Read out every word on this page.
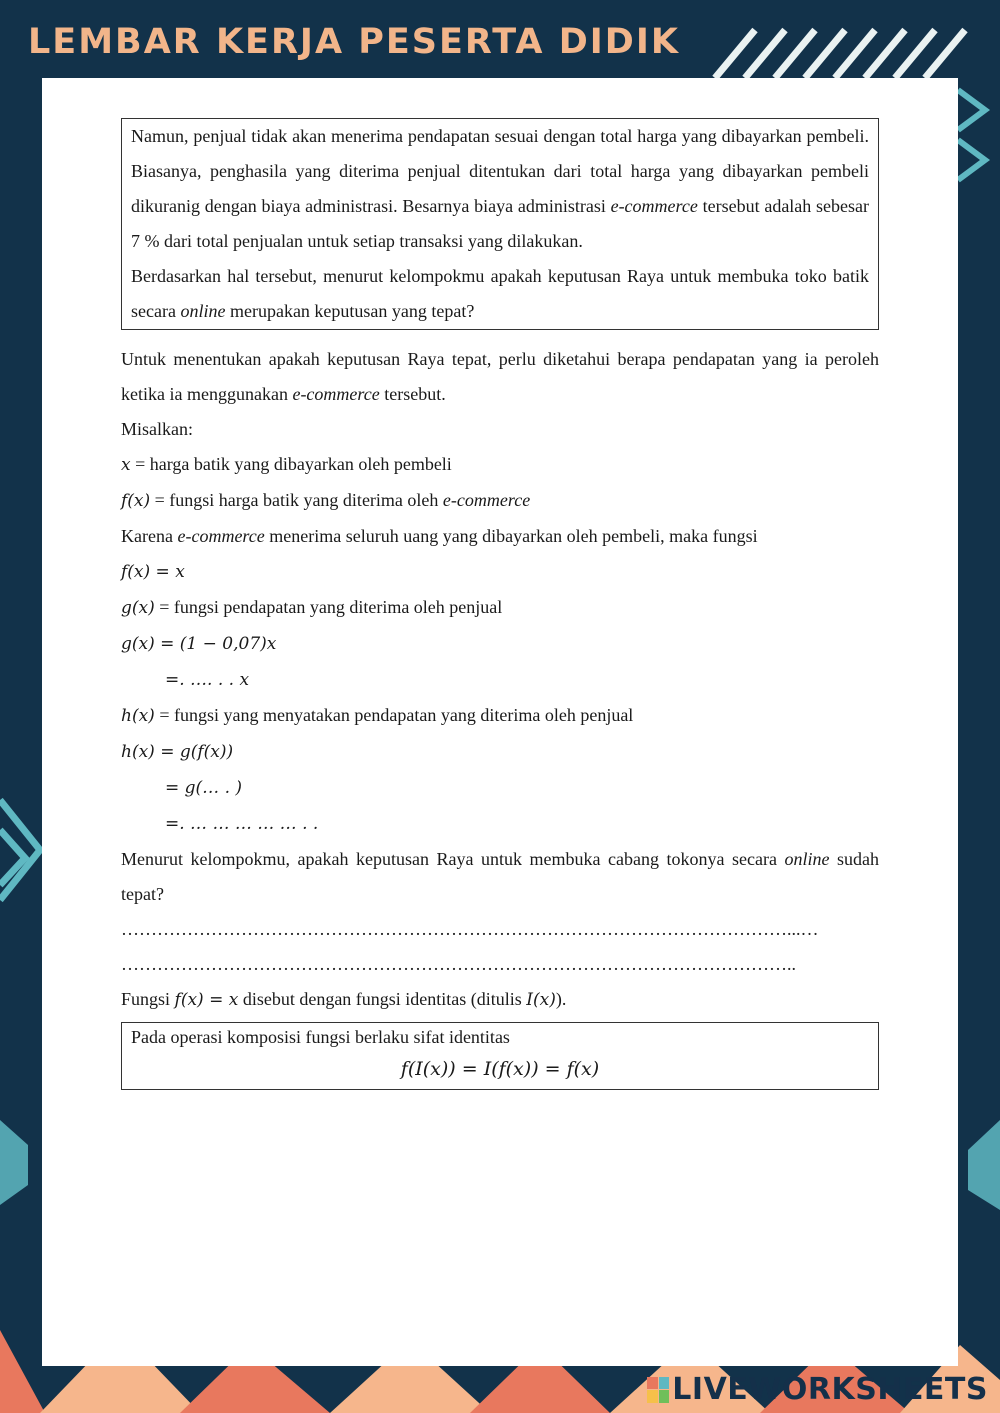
LEMBAR KERJA PESERTA DIDIK

Namun, penjual tidak akan menerima pendapatan sesuai dengan total harga yang dibayarkan pembeli. Biasanya, penghasila yang diterima penjual ditentukan dari total harga yang dibayarkan pembeli dikuranig dengan biaya administrasi. Besarnya biaya administrasi e-commerce tersebut adalah sebesar 7 % dari total penjualan untuk setiap transaksi yang dilakukan.

Berdasarkan hal tersebut, menurut kelompokmu apakah keputusan Raya untuk membuka toko batik secara online merupakan keputusan yang tepat?

Untuk menentukan apakah keputusan Raya tepat, perlu diketahui berapa pendapatan yang ia peroleh ketika ia menggunakan e-commerce tersebut.

Misalkan:

x = harga batik yang dibayarkan oleh pembeli

f(x) = fungsi harga batik yang diterima oleh e-commerce

Karena e-commerce menerima seluruh uang yang dibayarkan oleh pembeli, maka fungsi

f(x) = x

g(x) = fungsi pendapatan yang diterima oleh penjual

g(x) = (1 − 0,07)x

=. …. . . x

h(x) = fungsi yang menyatakan pendapatan yang diterima oleh penjual

h(x) = g(f(x))

= g(… . )

=. … … … … … . .

Menurut kelompokmu, apakah keputusan Raya untuk membuka cabang tokonya secara online sudah tepat?

…………………………………………………………………………………………………...…
…………………………………………………………………………………………………..

Fungsi f(x) = x disebut dengan fungsi identitas (ditulis I(x)).

Pada operasi komposisi fungsi berlaku sifat identitas
f(I(x)) = I(f(x)) = f(x)
LIVEWORKSHEETS
